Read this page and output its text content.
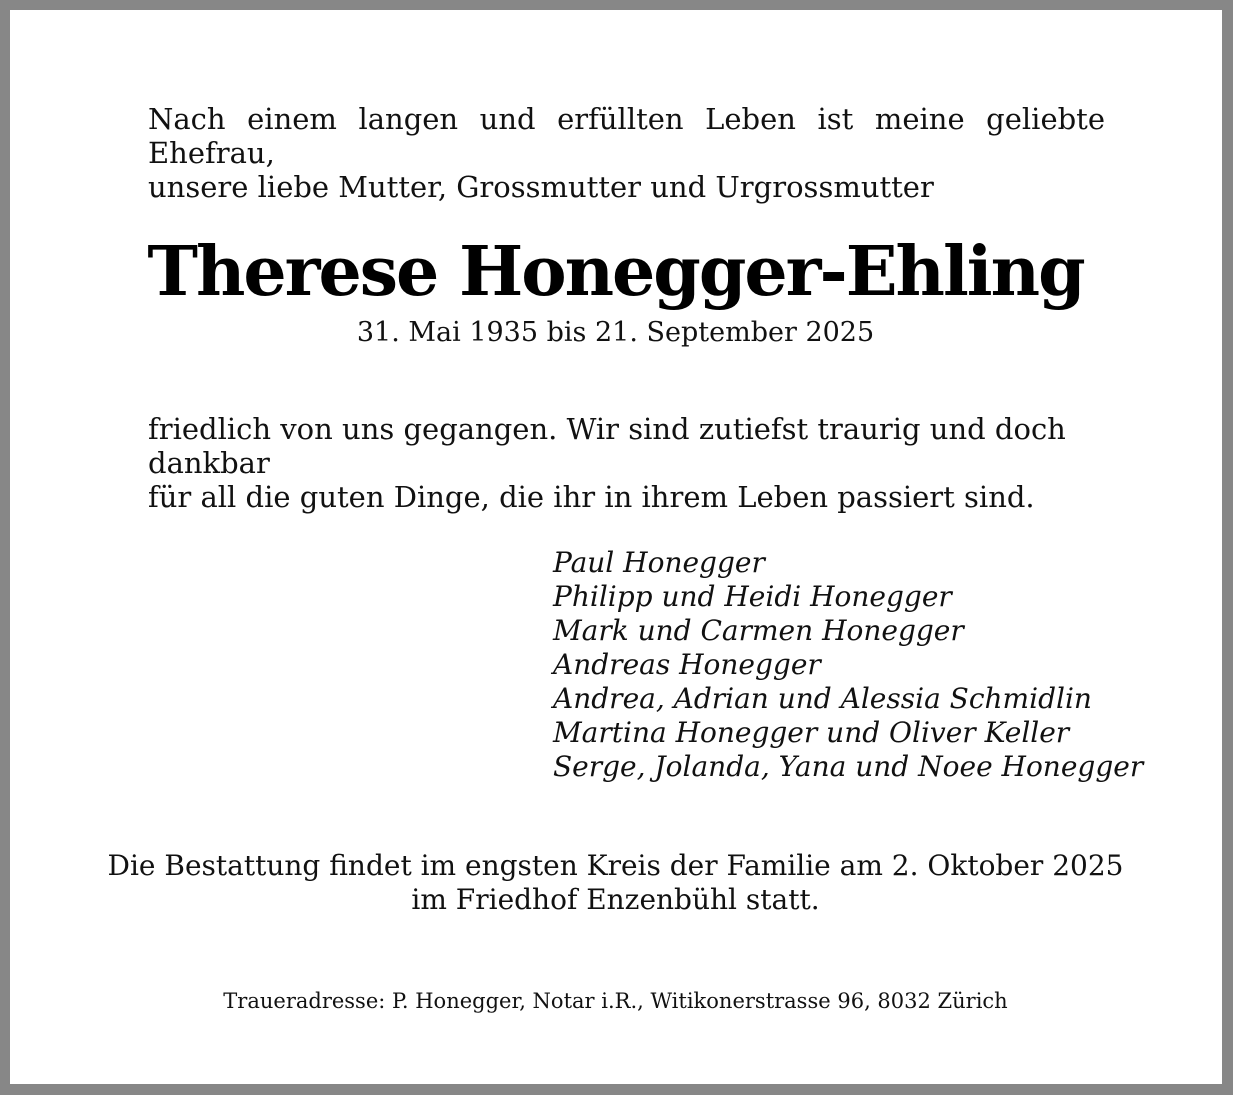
Nach einem langen und erfüllten Leben ist meine geliebte Ehefrau,
unsere liebe Mutter, Grossmutter und Urgrossmutter

Therese Honegger-Ehling

31. Mai 1935 bis 21. September 2025

friedlich von uns gegangen. Wir sind zutiefst traurig und doch dankbar
für all die guten Dinge, die ihr in ihrem Leben passiert sind.

Paul Honegger
Philipp und Heidi Honegger
Mark und Carmen Honegger
Andreas Honegger
Andrea, Adrian und Alessia Schmidlin
Martina Honegger und Oliver Keller
Serge, Jolanda, Yana und Noee Honegger

Die Bestattung findet im engsten Kreis der Familie am 2. Oktober 2025
im Friedhof Enzenbühl statt.

Traueradresse: P. Honegger, Notar i.R., Witikonerstrasse 96, 8032 Zürich
